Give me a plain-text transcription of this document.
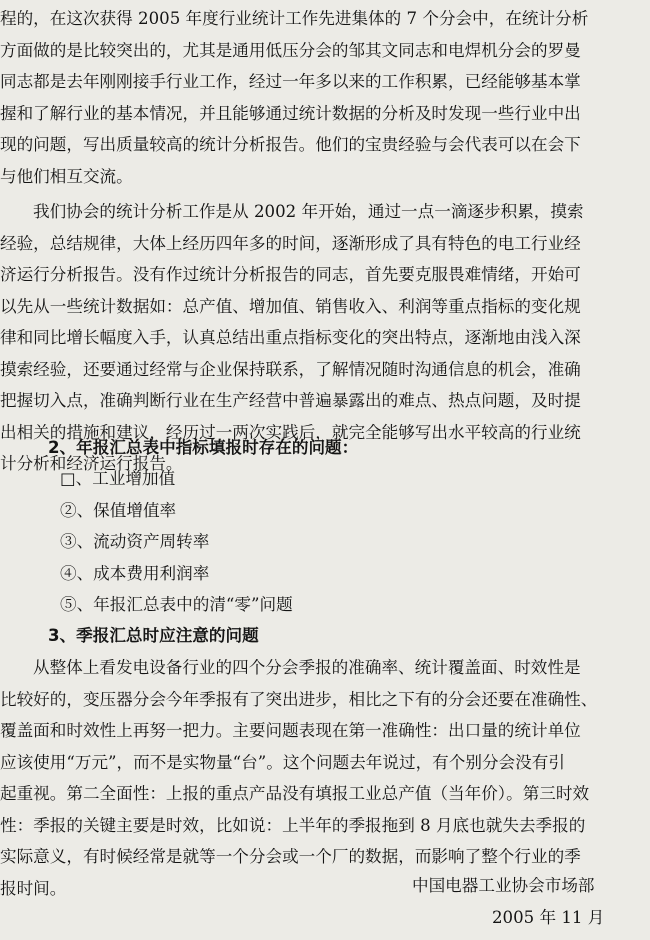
程的，在这次获得 2005 年度行业统计工作先进集体的 7 个分会中，在统计分析
方面做的是比较突出的，尤其是通用低压分会的邹其文同志和电焊机分会的罗曼
同志都是去年刚刚接手行业工作，经过一年多以来的工作积累，已经能够基本掌
握和了解行业的基本情况，并且能够通过统计数据的分析及时发现一些行业中出
现的问题，写出质量较高的统计分析报告。他们的宝贵经验与会代表可以在会下
与他们相互交流。
我们协会的统计分析工作是从 2002 年开始，通过一点一滴逐步积累，摸索
经验，总结规律，大体上经历四年多的时间，逐渐形成了具有特色的电工行业经
济运行分析报告。没有作过统计分析报告的同志，首先要克服畏难情绪，开始可
以先从一些统计数据如：总产值、增加值、销售收入、利润等重点指标的变化规
律和同比增长幅度入手，认真总结出重点指标变化的突出特点，逐渐地由浅入深
摸索经验，还要通过经常与企业保持联系，了解情况随时沟通信息的机会，准确
把握切入点，准确判断行业在生产经营中普遍暴露出的难点、热点问题，及时提
出相关的措施和建议，经历过一两次实践后，就完全能够写出水平较高的行业统
计分析和经济运行报告。
2、年报汇总表中指标填报时存在的问题：
□、工业增加值
②、保值增值率
③、流动资产周转率
④、成本费用利润率
⑤、年报汇总表中的清“零”问题
3、季报汇总时应注意的问题
从整体上看发电设备行业的四个分会季报的准确率、统计覆盖面、时效性是
比较好的，变压器分会今年季报有了突出进步，相比之下有的分会还要在准确性、
覆盖面和时效性上再努一把力。主要问题表现在第一准确性：出口量的统计单位
应该使用“万元”，而不是实物量“台”。这个问题去年说过，有个别分会没有引
起重视。第二全面性：上报的重点产品没有填报工业总产值（当年价）。第三时效
性：季报的关键主要是时效，比如说：上半年的季报拖到 8 月底也就失去季报的
实际意义，有时候经常是就等一个分会或一个厂的数据，而影响了整个行业的季
报时间。	中国电器工业协会市场部
2005 年 11 月
